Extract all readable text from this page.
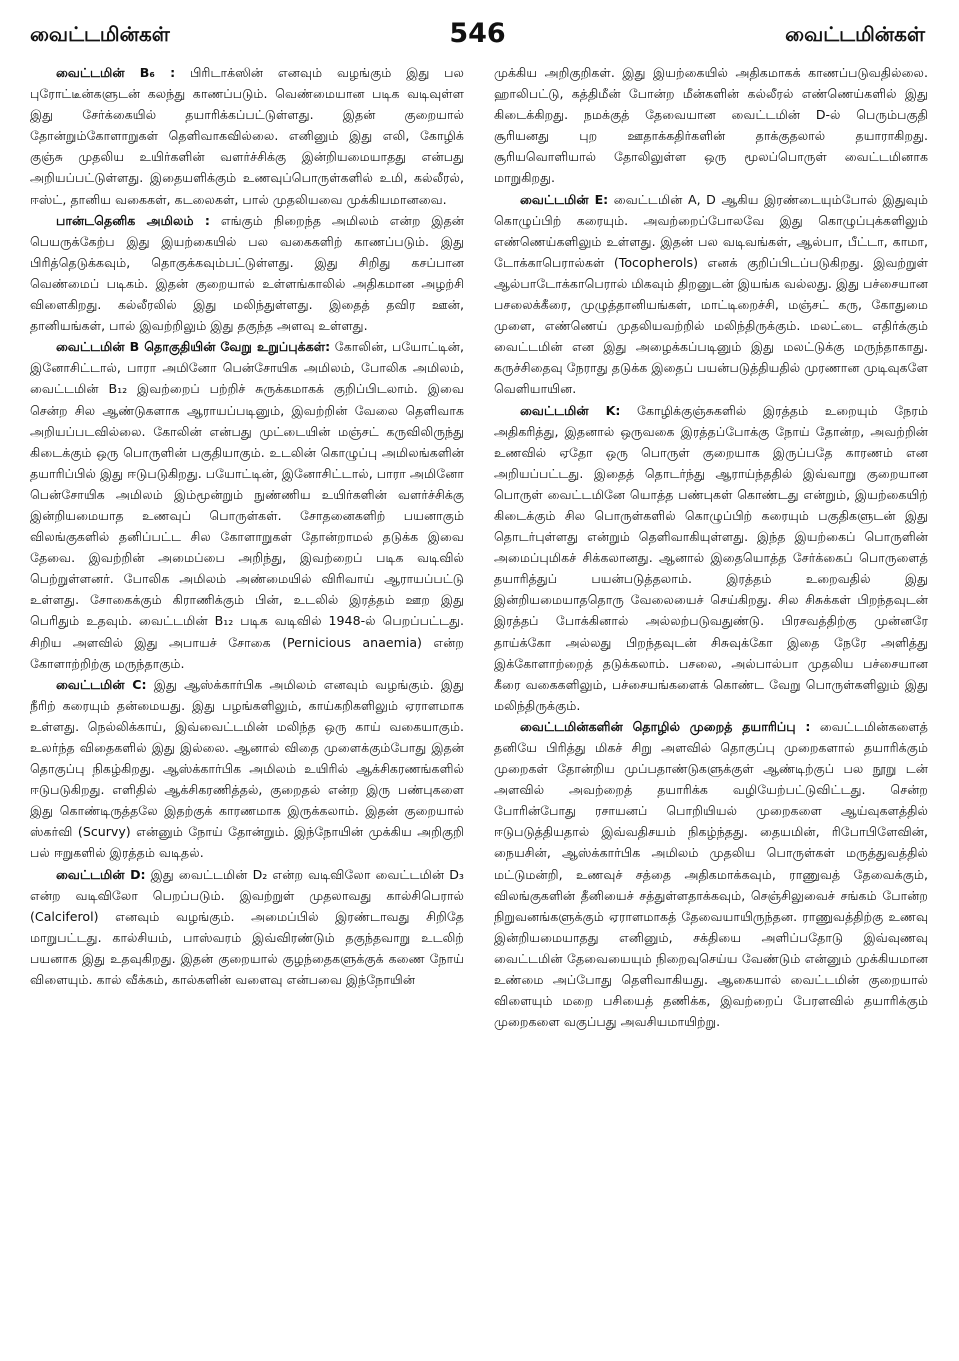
வைட்டமின்கள்	546	வைட்டமின்கள்

வைட்டமின் B₆ : பிரிடாக்ஸின் எனவும் வழங்கும் இது பல புரோட்டீன்களுடன் கலந்து காணப்படும். வெண்மையான படிக வடிவுள்ள இது சேர்க்கையில் தயாரிக்கப்பட்டுள்ளது. இதன் குறையால் தோன்றும்கோளாறுகள் தெளிவாகவில்லை. எனினும் இது எலி, கோழிக் குஞ்சு முதலிய உயிர்களின் வளர்ச்சிக்கு இன்றியமையாதது என்பது அறியப்பட்டுள்ளது. இதையளிக்கும் உணவுப்பொருள்களில் உமி, கல்லீரல், ஈஸ்ட், தானிய வகைகள், கடலைகள், பால் முதலியவை முக்கியமானவை.

பான்டதெனிக அமிலம் : எங்கும் நிறைந்த அமிலம் என்ற இதன் பெயருக்கேற்ப இது இயற்கையில் பல வகைகளிற் காணப்படும். இது பிரித்தெடுக்கவும், தொகுக்கவும்பட்டுள்ளது. இது சிறிது கசப்பான வெண்மைப் படிகம். இதன் குறையால் உள்ளங்காலில் அதிகமான அழற்சி விளைகிறது. கல்லீரலில் இது மலிந்துள்ளது. இதைத் தவிர ஊன், தானியங்கள், பால் இவற்றிலும் இது தகுந்த அளவு உள்ளது.

வைட்டமின் B தொகுதியின் வேறு உறுப்புக்கள்: கோலின், பயோட்டின், இனோசிட்டால், பாரா அமினோ பென்சோயிக அமிலம், போலிக அமிலம், வைட்டமின் B₁₂ இவற்றைப் பற்றிச் சுருக்கமாகக் குறிப்பிடலாம். இவை சென்ற சில ஆண்டுகளாக ஆராயப்படினும், இவற்றின் வேலை தெளிவாக அறியப்படவில்லை. கோலின் என்பது முட்டையின் மஞ்சட் கருவிலிருந்து கிடைக்கும் ஒரு பொருளின் பகுதியாகும். உடலின் கொழுப்பு அமிலங்களின் தயாரிப்பில் இது ஈடுபடுகிறது. பயோட்டின், இனோசிட்டால், பாரா அமினோ பென்சோயிக அமிலம் இம்மூன்றும் நுண்ணிய உயிர்களின் வளர்ச்சிக்கு இன்றியமையாத உணவுப் பொருள்கள். சோதனைகளிற் பயனாகும் விலங்குகளில் தனிப்பட்ட சில கோளாறுகள் தோன்றாமல் தடுக்க இவை தேவை. இவற்றின் அமைப்பை அறிந்து, இவற்றைப் படிக வடிவில் பெற்றுள்ளனர். போலிக அமிலம் அண்மையில் விரிவாய் ஆராயப்பட்டு உள்ளது. சோகைக்கும் கிராணிக்கும் பின், உடலில் இரத்தம் ஊற இது பெரிதும் உதவும். வைட்டமின் B₁₂ படிக வடிவில் 1948-ல் பெறப்பட்டது. சிறிய அளவில் இது அபாயச் சோகை (Pernicious anaemia) என்ற கோளாற்றிற்கு மருந்தாகும்.

வைட்டமின் C: இது ஆஸ்க்கார்பிக அமிலம் எனவும் வழங்கும். இது நீரிற் கரையும் தன்மையது. இது பழங்களிலும், காய்கறிகளிலும் ஏராளமாக உள்ளது. நெல்லிக்காய், இவ்வைட்டமின் மலிந்த ஒரு காய் வகையாகும். உலர்ந்த விதைகளில் இது இல்லை. ஆனால் விதை முளைக்கும்போது இதன் தொகுப்பு நிகழ்கிறது. ஆஸ்க்கார்பிக அமிலம் உயிரில் ஆக்சிகரணங்களில் ஈடுபடுகிறது. எளிதில் ஆக்சிகரணித்தல், குறைதல் என்ற இரு பண்புகளை இது கொண்டிருத்தலே இதற்குக் காரணமாக இருக்கலாம். இதன் குறையால் ஸ்கர்வி (Scurvy) என்னும் நோய் தோன்றும். இந்நோயின் முக்கிய அறிகுறி பல் ஈறுகளில் இரத்தம் வடிதல்.

வைட்டமின் D: இது வைட்டமின் D₂ என்ற வடிவிலோ வைட்டமின் D₃ என்ற வடிவிலோ பெறப்படும். இவற்றுள் முதலாவது கால்சிபெரால் (Calciferol) எனவும் வழங்கும். அமைப்பில் இரண்டாவது சிறிதே மாறுபட்டது. கால்சியம், பாஸ்வரம் இவ்விரண்டும் தகுந்தவாறு உடலிற் பயனாக இது உதவுகிறது. இதன் குறையால் குழந்தைகளுக்குக் கணை நோய் விளையும். கால் வீக்கம், கால்களின் வளைவு என்பவை இந்நோயின்

முக்கிய அறிகுறிகள். இது இயற்கையில் அதிகமாகக் காணப்படுவதில்லை. ஹாலிபட்டு, கத்திமீன் போன்ற மீன்களின் கல்லீரல் எண்ணெய்களில் இது கிடைக்கிறது. நமக்குத் தேவையான வைட்டமின் D-ல் பெரும்பகுதி சூரியனது புற ஊதாக்கதிர்களின் தாக்குதலால் தயாராகிறது. சூரியவொளியால் தோலிலுள்ள ஒரு மூலப்பொருள் வைட்டமினாக மாறுகிறது.

வைட்டமின் E: வைட்டமின் A, D ஆகிய இரண்டையும்போல் இதுவும் கொழுப்பிற் கரையும். அவற்றைப்போலவே இது கொழுப்புக்களிலும் எண்ணெய்களிலும் உள்ளது. இதன் பல வடிவங்கள், ஆல்பா, பீட்டா, காமா, டோக்காபெரால்கள் (Tocopherols) எனக் குறிப்பிடப்படுகிறது. இவற்றுள் ஆல்பாடோக்காபெரால் மிகவும் திறனுடன் இயங்க வல்லது. இது பச்சையான பசலைக்கீரை, முழுத்தானியங்கள், மாட்டிறைச்சி, மஞ்சட் கரு, கோதுமை முளை, எண்ணெய் முதலியவற்றில் மலிந்திருக்கும். மலட்டை எதிர்க்கும் வைட்டமின் என இது அழைக்கப்படினும் இது மலட்டுக்கு மருந்தாகாது. கருச்சிதைவு நேராது தடுக்க இதைப் பயன்படுத்தியதில் முரணான முடிவுகளே வெளியாயின.

வைட்டமின் K: கோழிக்குஞ்சுகளில் இரத்தம் உறையும் நேரம் அதிகரித்து, இதனால் ஒருவகை இரத்தப்போக்கு நோய் தோன்ற, அவற்றின் உணவில் ஏதோ ஒரு பொருள் குறையாக இருப்பதே காரணம் என அறியப்பட்டது. இதைத் தொடர்ந்து ஆராய்ந்ததில் இவ்வாறு குறையான பொருள் வைட்டமினே யொத்த பண்புகள் கொண்டது என்றும், இயற்கையிற் கிடைக்கும் சில பொருள்களில் கொழுப்பிற் கரையும் பகுதிகளுடன் இது தொடர்புள்ளது என்றும் தெளிவாகியுள்ளது. இந்த இயற்கைப் பொருளின் அமைப்புமிகச் சிக்கலானது. ஆனால் இதையொத்த சேர்க்கைப் பொருளைத் தயாரித்துப் பயன்படுத்தலாம். இரத்தம் உறைவதில் இது இன்றியமையாததொரு வேலையைச் செய்கிறது. சில சிசுக்கள் பிறந்தவுடன் இரத்தப் போக்கினால் அல்லற்படுவதுண்டு. பிரசவத்திற்கு முன்னரே தாய்க்கோ அல்லது பிறந்தவுடன் சிசுவுக்கோ இதை நேரே அளித்து இக்கோளாற்றைத் தடுக்கலாம். பசலை, அல்பால்பா முதலிய பச்சையான கீரை வகைகளிலும், பச்சையங்களைக் கொண்ட வேறு பொருள்களிலும் இது மலிந்திருக்கும்.

வைட்டமின்களின் தொழில் முறைத் தயாரிப்பு : வைட்டமின்களைத் தனியே பிரித்து மிகச் சிறு அளவில் தொகுப்பு முறைகளால் தயாரிக்கும் முறைகள் தோன்றிய முப்பதாண்டுகளுக்குள் ஆண்டிற்குப் பல நூறு டன் அளவில் அவற்றைத் தயாரிக்க வழியேற்பட்டுவிட்டது. சென்ற போரின்போது ரசாயனப் பொறியியல் முறைகளை ஆய்வுகளத்தில் ஈடுபடுத்தியதால் இவ்வதிசயம் நிகழ்ந்தது. தையமின், ரிபோபிளேவின், நையசின், ஆஸ்க்கார்பிக அமிலம் முதலிய பொருள்கள் மருத்துவத்தில் மட்டுமன்றி, உணவுச் சத்தை அதிகமாக்கவும், ராணுவத் தேவைக்கும், விலங்குகளின் தீனியைச் சத்துள்ளதாக்கவும், செஞ்சிலுவைச் சங்கம் போன்ற நிறுவனங்களுக்கும் ஏராளமாகத் தேவையாயிருந்தன. ராணுவத்திற்கு உணவு இன்றியமையாதது எனினும், சக்தியை அளிப்பதோடு இவ்வுணவு வைட்டமின் தேவையையும் நிறைவுசெய்ய வேண்டும் என்னும் முக்கியமான உண்மை அப்போது தெளிவாகியது. ஆகையால் வைட்டமின் குறையால் விளையும் மறை பசியைத் தணிக்க, இவற்றைப் பேரளவில் தயாரிக்கும் முறைகளை வகுப்பது அவசியமாயிற்று.
